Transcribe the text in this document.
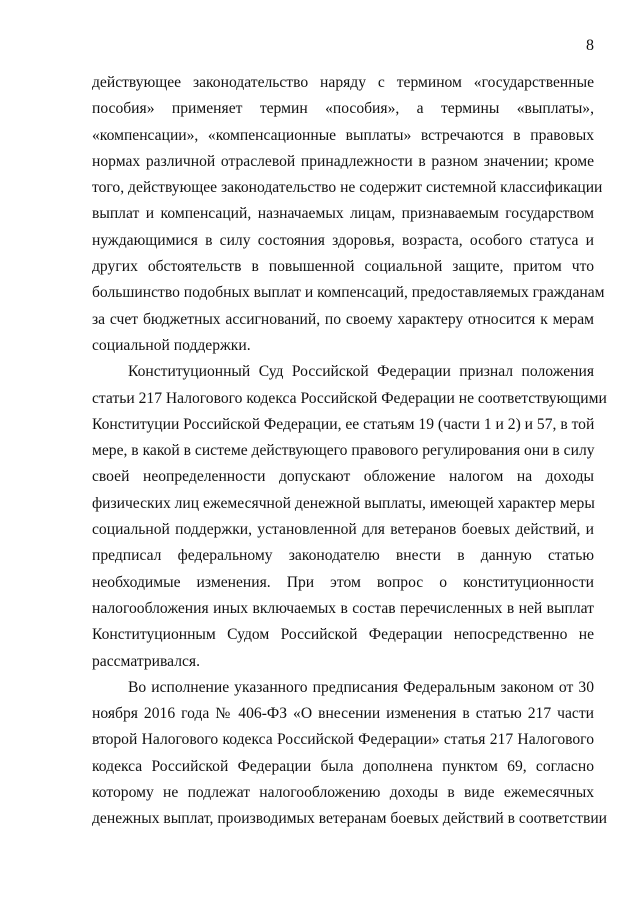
8
действующее законодательство наряду с термином «государственные
пособия» применяет термин «пособия», а термины «выплаты»,
«компенсации», «компенсационные выплаты» встречаются в правовых
нормах различной отраслевой принадлежности в разном значении; кроме
того, действующее законодательство не содержит системной классификации
выплат и компенсаций, назначаемых лицам, признаваемым государством
нуждающимися в силу состояния здоровья, возраста, особого статуса и
других обстоятельств в повышенной социальной защите, притом что
большинство подобных выплат и компенсаций, предоставляемых гражданам
за счет бюджетных ассигнований, по своему характеру относится к мерам
социальной поддержки.
Конституционный Суд Российской Федерации признал положения
статьи 217 Налогового кодекса Российской Федерации не соответствующими
Конституции Российской Федерации, ее статьям 19 (части 1 и 2) и 57, в той
мере, в какой в системе действующего правового регулирования они в силу
своей неопределенности допускают обложение налогом на доходы
физических лиц ежемесячной денежной выплаты, имеющей характер меры
социальной поддержки, установленной для ветеранов боевых действий, и
предписал федеральному законодателю внести в данную статью
необходимые изменения. При этом вопрос о конституционности
налогообложения иных включаемых в состав перечисленных в ней выплат
Конституционным Судом Российской Федерации непосредственно не
рассматривался.
Во исполнение указанного предписания Федеральным законом от 30
ноября 2016 года № 406-ФЗ «О внесении изменения в статью 217 части
второй Налогового кодекса Российской Федерации» статья 217 Налогового
кодекса Российской Федерации была дополнена пунктом 69, согласно
которому не подлежат налогообложению доходы в виде ежемесячных
денежных выплат, производимых ветеранам боевых действий в соответствии
